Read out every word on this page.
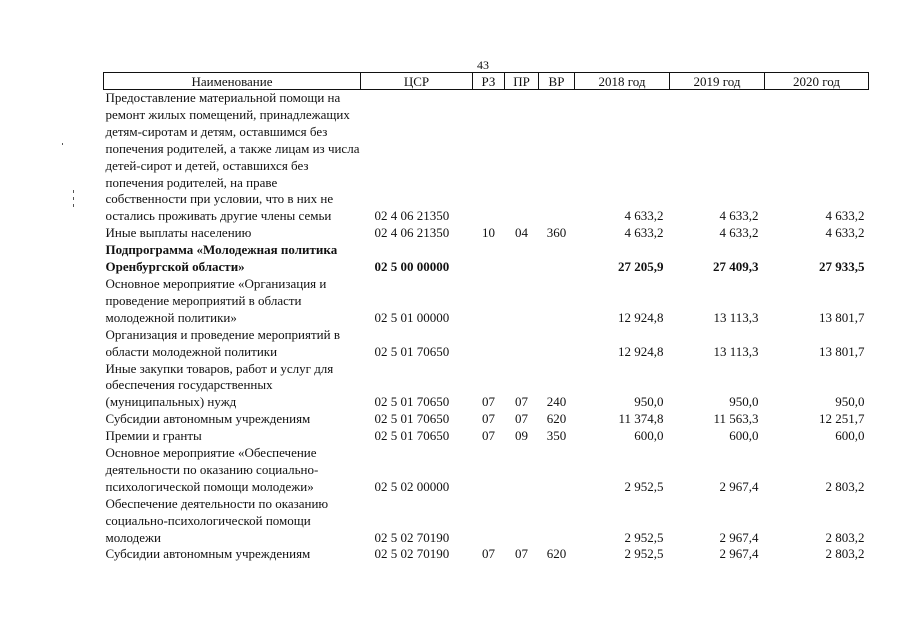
43
Наименование	ЦСР	РЗ	ПР	ВР	2018 год	2019 год	2020 год
Предоставление материальной помощи на ремонт жилых помещений, принадлежащих детям-сиротам и детям, оставшимся без попечения родителей, а также лицам из числа детей-сирот и детей, оставшихся без попечения родителей, на праве собственности при условии, что в них не остались проживать другие члены семьи	02 4 06 21350				4 633,2	4 633,2	4 633,2
Иные выплаты населению	02 4 06 21350	10	04	360	4 633,2	4 633,2	4 633,2
Подпрограмма «Молодежная политика Оренбургской области»	02 5 00 00000				27 205,9	27 409,3	27 933,5
Основное мероприятие «Организация и проведение мероприятий в области молодежной политики»	02 5 01 00000				12 924,8	13 113,3	13 801,7
Организация и проведение мероприятий в области молодежной политики	02 5 01 70650				12 924,8	13 113,3	13 801,7
Иные закупки товаров, работ и услуг для обеспечения государственных (муниципальных) нужд	02 5 01 70650	07	07	240	950,0	950,0	950,0
Субсидии автономным учреждениям	02 5 01 70650	07	07	620	11 374,8	11 563,3	12 251,7
Премии и гранты	02 5 01 70650	07	09	350	600,0	600,0	600,0
Основное мероприятие «Обеспечение деятельности по оказанию социально-психологической помощи молодежи»	02 5 02 00000				2 952,5	2 967,4	2 803,2
Обеспечение деятельности по оказанию социально-психологической помощи молодежи	02 5 02 70190				2 952,5	2 967,4	2 803,2
Субсидии автономным учреждениям	02 5 02 70190	07	07	620	2 952,5	2 967,4	2 803,2
